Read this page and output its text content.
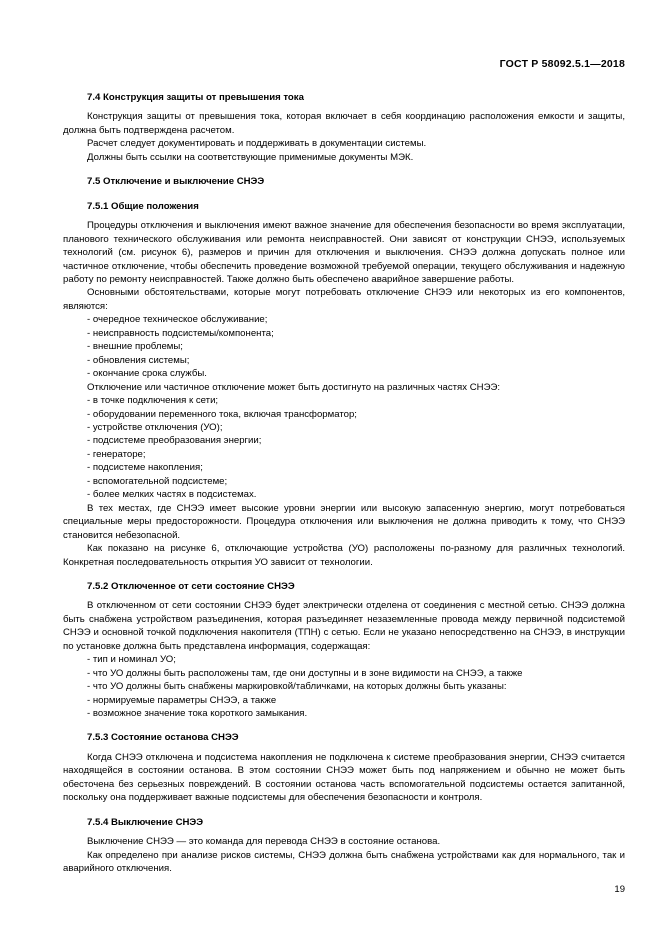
ГОСТ Р 58092.5.1—2018

7.4 Конструкция защиты от превышения тока

Конструкция защиты от превышения тока, которая включает в себя координацию расположения емкости и защиты, должна быть подтверждена расчетом.

Расчет следует документировать и поддерживать в документации системы.

Должны быть ссылки на соответствующие применимые документы МЭК.

7.5 Отключение и выключение СНЭЭ

7.5.1 Общие положения

Процедуры отключения и выключения имеют важное значение для обеспечения безопасности во время эксплуатации, планового технического обслуживания или ремонта неисправностей. Они зависят от конструкции СНЭЭ, используемых технологий (см. рисунок 6), размеров и причин для отключения и выключения. СНЭЭ должна допускать полное или частичное отключение, чтобы обеспечить проведение возможной требуемой операции, текущего обслуживания и надежную работу по ремонту неисправностей. Также должно быть обеспечено аварийное завершение работы.

Основными обстоятельствами, которые могут потребовать отключение СНЭЭ или некоторых из его компонентов, являются:

- очередное техническое обслуживание;

- неисправность подсистемы/компонента;

- внешние проблемы;

- обновления системы;

- окончание срока службы.

Отключение или частичное отключение может быть достигнуто на различных частях СНЭЭ:

- в точке подключения к сети;

- оборудовании переменного тока, включая трансформатор;

- устройстве отключения (УО);

- подсистеме преобразования энергии;

- генераторе;

- подсистеме накопления;

- вспомогательной подсистеме;

- более мелких частях в подсистемах.

В тех местах, где СНЭЭ имеет высокие уровни энергии или высокую запасенную энергию, могут потребоваться специальные меры предосторожности. Процедура отключения или выключения не должна приводить к тому, что СНЭЭ становится небезопасной.

Как показано на рисунке 6, отключающие устройства (УО) расположены по-разному для различных технологий. Конкретная последовательность открытия УО зависит от технологии.

7.5.2 Отключенное от сети состояние СНЭЭ

В отключенном от сети состоянии СНЭЭ будет электрически отделена от соединения с местной сетью. СНЭЭ должна быть снабжена устройством разъединения, которая разъединяет незаземленные провода между первичной подсистемой СНЭЭ и основной точкой подключения накопителя (ТПН) с сетью. Если не указано непосредственно на СНЭЭ, в инструкции по установке должна быть представлена информация, содержащая:

- тип и номинал УО;

- что УО должны быть расположены там, где они доступны и в зоне видимости на СНЭЭ, а также

- что УО должны быть снабжены маркировкой/табличками, на которых должны быть указаны:

- нормируемые параметры СНЭЭ, а также

- возможное значение тока короткого замыкания.

7.5.3 Состояние останова СНЭЭ

Когда СНЭЭ отключена и подсистема накопления не подключена к системе преобразования энергии, СНЭЭ считается находящейся в состоянии останова. В этом состоянии СНЭЭ может быть под напряжением и обычно не может быть обесточена без серьезных повреждений. В состоянии останова часть вспомогательной подсистемы остается запитанной, поскольку она поддерживает важные подсистемы для обеспечения безопасности и контроля.

7.5.4 Выключение СНЭЭ

Выключение СНЭЭ — это команда для перевода СНЭЭ в состояние останова.

Как определено при анализе рисков системы, СНЭЭ должна быть снабжена устройствами как для нормального, так и аварийного отключения.

19
